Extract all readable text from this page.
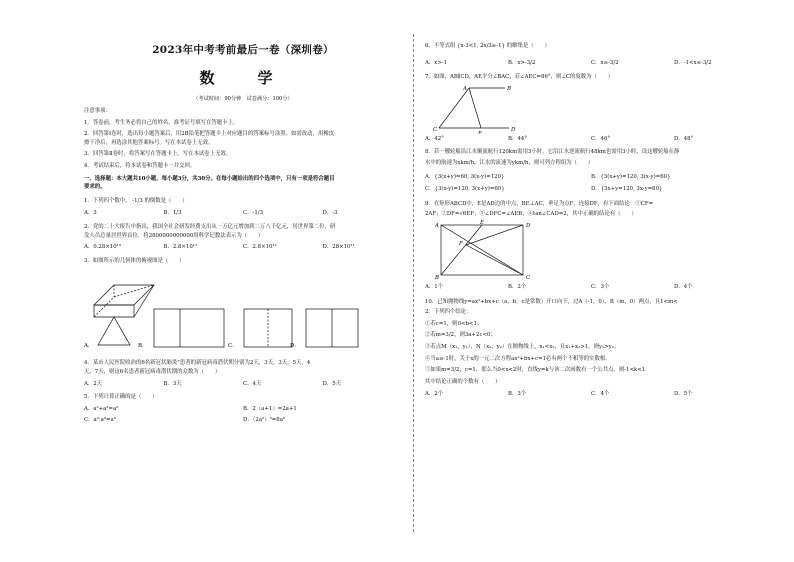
2023年中考考前最后一卷（深圳卷）
数　学
（考试时间：90分钟　试卷满分：100分）

注意事项：

1．答卷前，考生务必将自己的姓名、准考证号填写在答题卡上。

2．回答第Ⅰ卷时，选出每小题答案后，用2B铅笔把答题卡上对应题目的答案标号涂黑。如需改动，用橡皮

擦干净后，再选涂其他答案标号。写在本试卷上无效。

3．回答第Ⅱ卷时，将答案写在答题卡上。写在本试卷上无效。

4．考试结束后，将本试卷和答题卡一并交回。

一、选择题：本大题共10小题，每小题3分，共30分。在每小题给出的四个选项中，只有一项是符合题目

要求的。

1．下列四个数中， -1/3 的倒数是（　　）

A．3	B．1/3	C．-1/3	D．-3

2．党的二十大报告中指出，我国全社会研发经费支出从一万亿元增加到二万八千亿元，居世界第二位，研

发人员总量居世界首位．将2800000000000用科学记数法表示为（　　）

A．0.28×10¹³	B．2.8×10¹¹	C．2.8×10¹²	D．28×10¹¹

3．如图所示的几何体的俯视图是（　　）

A．	B．	C．	D．

4．某市人民医院收治的6名新冠状肺炎”患者的新冠病毒潜伏期分别为2天，3天，3天，5天，4

天，7天，则这6名患者新冠病毒潜伏期的众数为（　　）

A．2天	B．3天	C．4天	D．5天

5．下列计算正确的是（　　）

A．a²+a³=a⁵	B．2（a+1）=2a+1
C．a²·a³=a⁶	D．（2a²）³=8a⁶

6．不等式组 {x-3<1, 2x/3≥-1} 的解集是（　　）

A．x>-1	B．x>-3/2	C．x≤-3/2	D．-1<x≤-3/2

7．如图，AB∥CD，AE平分∠BAC，若∠AEC=86°，则∠C的度数为（　　）

A	B
C	D
E
A．42°	B．44°	C．46°	D．48°

8．若一艘轮船沿江水顺流航行120km需用3小时，它沿江水逆流航行48km也需用3小时，设这艘轮船在静

水中的航速为xkm/h，江水的流速为ykm/h，则可列方程组为（　　）

A．{3(x+y)=60, 3(x-y)=120}	B．{3(x+y)=120, 3(x-y)=60}
C．{3(x-y)=120, 3(x+y)=60}	D．{3x+y=120, 3x-y=60}

9．在矩形ABCD中，E是AD边的中点，BE⊥AC，垂足为点F，连接DF，有下面结论：①CF=

2AF；②DF=√6EF；③∠DFC=∠AEB；④tan∠CAD=2，其中正确的结论有（　　）

A	E	D
F
B	C
A．1个	B．2个	C．3个	D．4个

10．已知抛物线y=ax²+bx+c（a，b，c是常数）开口向下，过A（-1，0），B（m，0）两点，且1<m<

2．下列四个结论：

①若c=1，则0<b<1；

②若m=3/2，则3a+2c<0；

③若点M（x₁，y₁），N（x₂，y₂）在抛物线上，x₁<x₂，且x₁+x₂>1，则y₁>y₂；

④当a≤-1时，关于x的一元二次方程ax²+bx+c=1必有两个不相等的实数根．

⑤如果m=3/2，c=1，那么当0<x<2时，直线y=k与该二次函数有一个公共点，则-1<k<1．

其中结论正确的个数有（　　）

A．2个	B．3个	C．4个	D．5个
